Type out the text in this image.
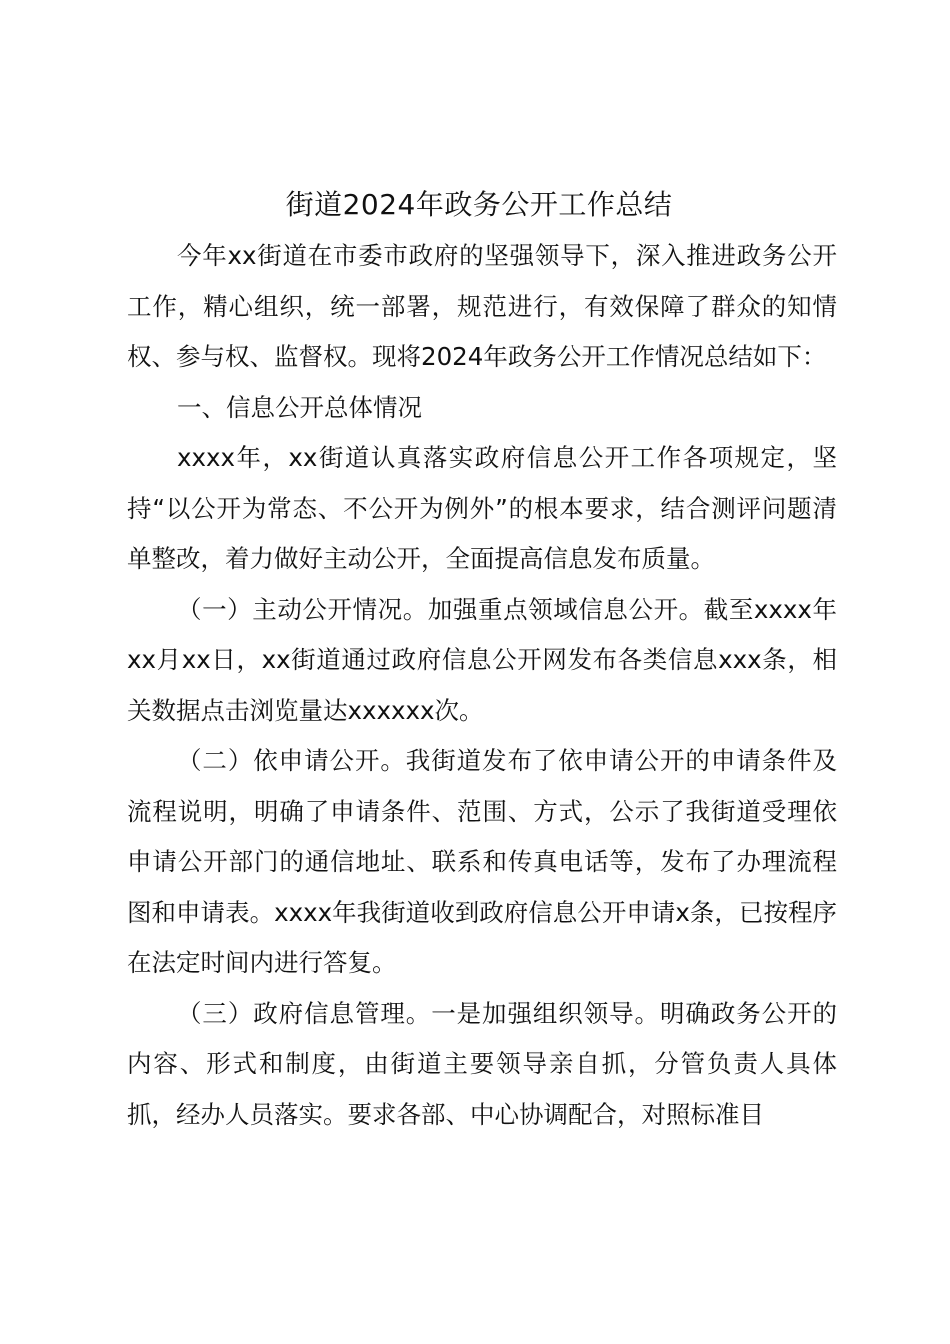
街道2024年政务公开工作总结

今年xx街道在市委市政府的坚强领导下，深入推进政务公开工作，精心组织，统一部署，规范进行，有效保障了群众的知情权、参与权、监督权。现将2024年政务公开工作情况总结如下：

一、信息公开总体情况

xxxx年，xx街道认真落实政府信息公开工作各项规定，坚持“以公开为常态、不公开为例外”的根本要求，结合测评问题清单整改，着力做好主动公开，全面提高信息发布质量。

（一）主动公开情况。加强重点领域信息公开。截至xxxx年xx月xx日，xx街道通过政府信息公开网发布各类信息xxx条，相关数据点击浏览量达xxxxxx次。

（二）依申请公开。我街道发布了依申请公开的申请条件及流程说明，明确了申请条件、范围、方式，公示了我街道受理依申请公开部门的通信地址、联系和传真电话等，发布了办理流程图和申请表。xxxx年我街道收到政府信息公开申请x条，已按程序在法定时间内进行答复。

（三）政府信息管理。一是加强组织领导。明确政务公开的内容、形式和制度，由街道主要领导亲自抓，分管负责人具体抓，经办人员落实。要求各部、中心协调配合，对照标准目
